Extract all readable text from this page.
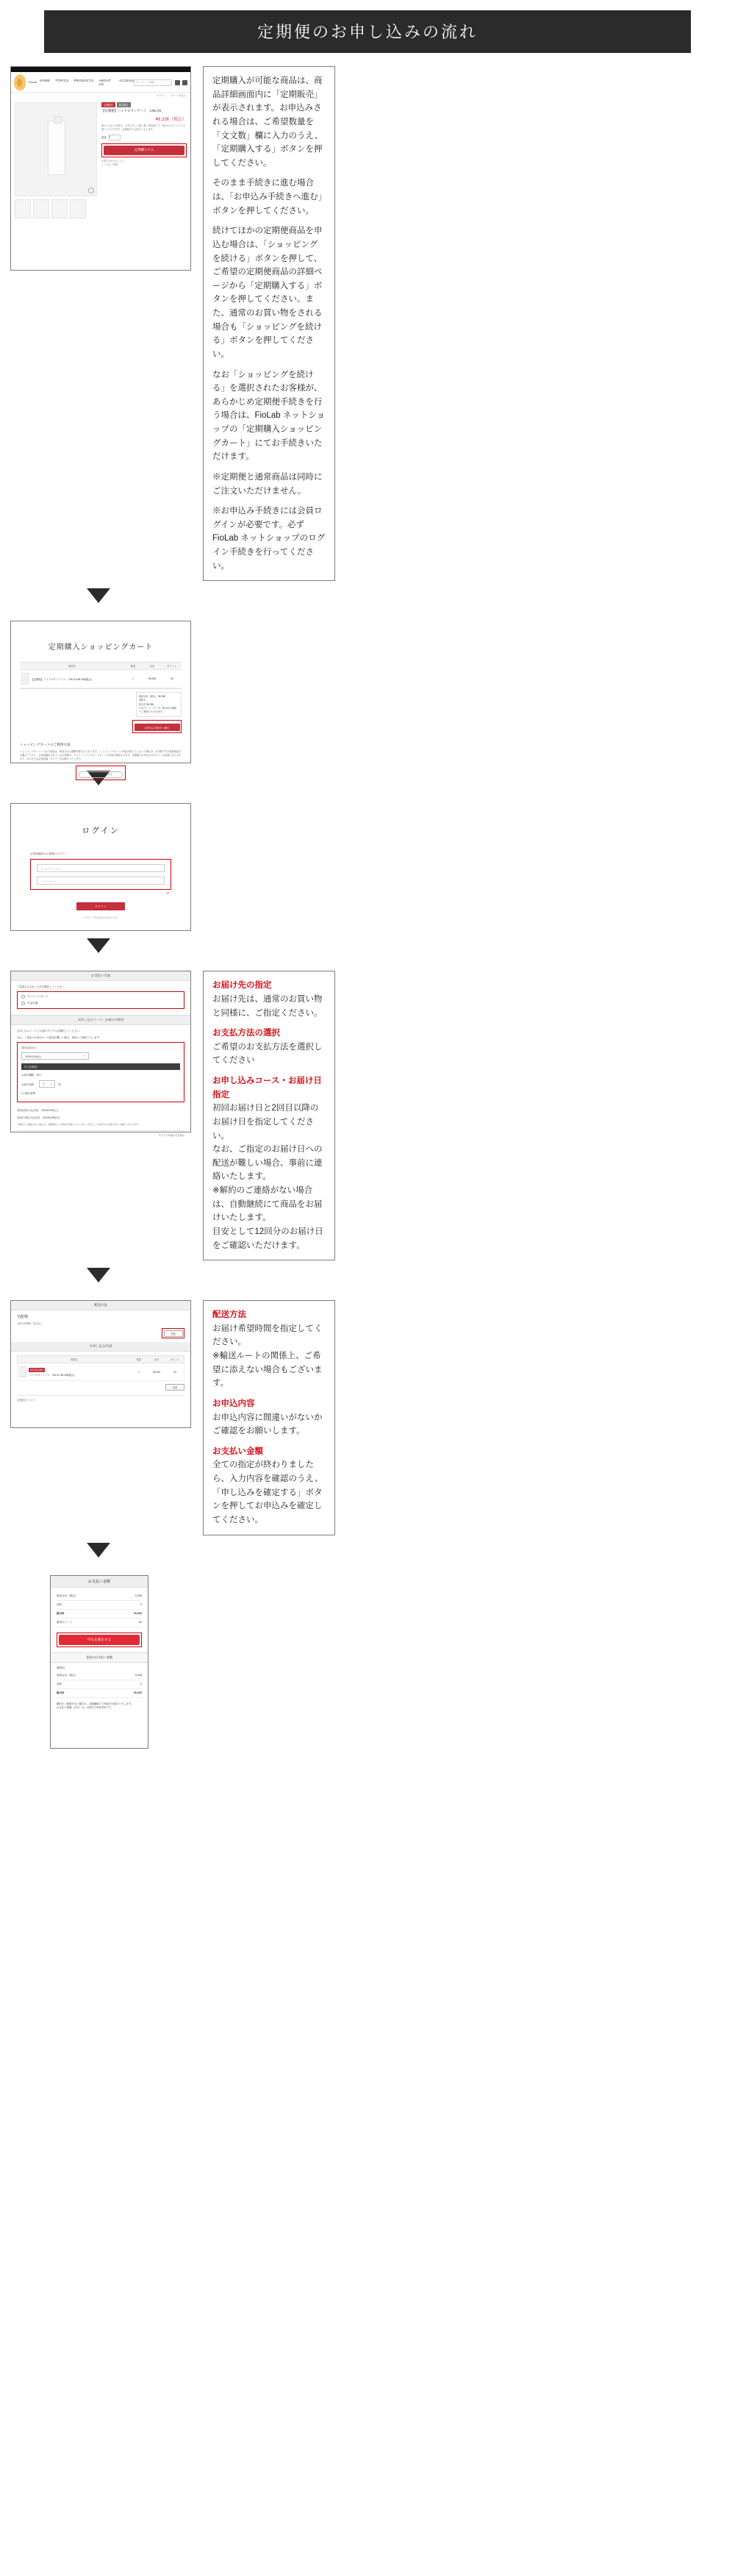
定期便のお申し込みの流れ
FioLab HOME TOPICS PRODUCTS ABOUT US
ACCESS キーワード検索
ログイン カートを見る
定期販売	数量限定
【定期便】ハイドロサンテージ　CNC①ⅱ
¥6,336（税込）
肌のうるおいを保ち、みずみずしい肌へ導く美容液です。毎日のスキンケアにお使いいただけます。定期便でのお届けとなります。
数量 1
定期購入する
お問い合わせはこちら
よくあるご質問

定期購入が可能な商品は、商品詳細画面内に「定期販売」が表示されます。お申込みされる場合は、ご希望数量を「文文数」欄に入力のうえ、「定期購入する」ボタンを押してください。

そのまま手続きに進む場合は、「お申込み手続きへ進む」ボタンを押してください。

続けてほかの定期便商品を申込む場合は、「ショッピングを続ける」ボタンを押して、ご希望の定期便商品の詳細ページから「定期購入する」ボタンを押してください。また、通常のお買い物をされる場合も「ショッピングを続ける」ボタンを押してください。

なお「ショッピングを続ける」を選択されたお客様が、あらかじめ定期便手続きを行う場合は、FioLab ネットショップの「定期購入ショッピングカート」にてお手続きいただけます。

※定期便と通常商品は同時にご注文いただけません。

※お申込み手続きには会員ログインが必要です。必ずFioLab ネットショップのログイン手続きを行ってください。

定期購入ショッピングカート
商品名	数量	合計	ポイント
【定期便】ハイドロサンテージ　CNC①ⅱ ¥6,336(税込)	1	¥6,336	63
商品合計（税込） ¥6,336
送料 0
総合計 ¥6,336
※ポイント・クーポン等は次の画面でご利用いただけます。
お申込み手続きへ進む
ショッピングカートのご利用方法
ショッピングカートへ入れた商品は、保存される期間が限られております。ショッピングカートの内容が消えてしまった場合は、お手数ですが再度商品をお選びください。会員登録をされているお客様は、ログインしていただくとカートの内容が保存されます。定期便のお申込みはログインが必要となりますので、あらかじめ会員登録・ログインをお願いいたします。
ショッピングを続ける
ログイン
会員登録済のお客様のログイン
メールアドレス ＊
パスワード ＊
👁
ログイン
パスワードをお忘れの方はこちら
お支払い方法
ご希望のお支払い方法を選択してください。
クレジットカード
代金引換
お申し込みコース・お届け日指定
お申し込みコース とお届けサイクルを選択してください。
なお、ご指定のお届け日への配送が難しい場合、事前にご連絡いたします。
初回お届け日
2024/11/30(土)	▾
◎ 日付指定
お届け間隔：毎月
お届け回数：	1	▾	回
◎ 毎回 基準
初回お届け日(目安) 2024/11/30(土)
2回目お届け日(目安) 2024/12/30(月)
※解約のご連絡がない場合は、自動継続にて商品をお届けいたします。目安として12回分のお届け日をご確認いただけます。
すべてのお届け日を表示

お届け先の指定
お届け先は、通常のお買い物と同様に、ご指定ください。

お支払方法の選択
ご希望のお支払方法を選択してください

お申し込みコース・お届け日指定
初回お届け日と2回目以降のお届け日を指定してください。
なお、ご指定のお届け日への配送が難しい場合、事前に連絡いたします。
※解約のご連絡がない場合は、自動継続にて商品をお届けいたします。
目安として12回分のお届け日をご確認いただけます。

配送方法
宅配便
お届け時間帯：指定なし
変更
お申し込み内容
商品名	数量	合計	ポイント
毎月1回お届け
ハイドロサンテージ　CNC①ⅱ ¥6,336(税込)
1	¥6,336	63
変更
定期販売について

配送方法
お届け希望時間を指定してください。
※輸送ルートの関係上、ご希望に添えない場合もございます。

お申込内容
お申込内容に間違いがないかご確認をお願いします。

お支払い金額
全ての指定が終わりましたら、入力内容を確認のうえ、「申し込みを確定する」ボタンを押してお申込みを確定してください。

お支払い金額
商品合計（税込）	6,336
送料	0
総合計	¥6,336
獲得ポイント	63
申込を確定する
各回のお支払い金額
通常回
商品合計（税込）	6,336
送料	0
総合計	¥6,336
解約のご連絡がない場合は、自動継続にて商品をお届けいたします。
お支払い総額（目安）は、12回分で¥76,032です。
